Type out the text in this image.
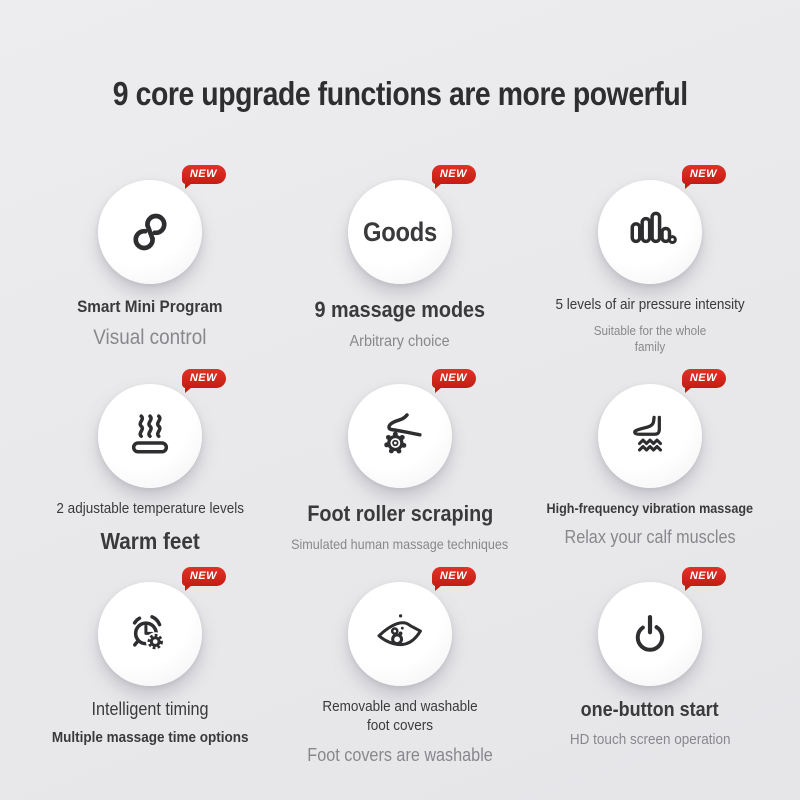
9 core upgrade functions are more powerful
NEW
Smart Mini Program
Visual control
NEW
Goods
9 massage modes
Arbitrary choice
NEW
5 levels of air pressure intensity
Suitable for the whole family
NEW
2 adjustable temperature levels
Warm feet
NEW
Foot roller scraping
Simulated human massage techniques
NEW
High-frequency vibration massage
Relax your calf muscles
NEW
Intelligent timing
Multiple massage time options
NEW
Removable and washable foot covers
Foot covers are washable
NEW
one-button start
HD touch screen operation
